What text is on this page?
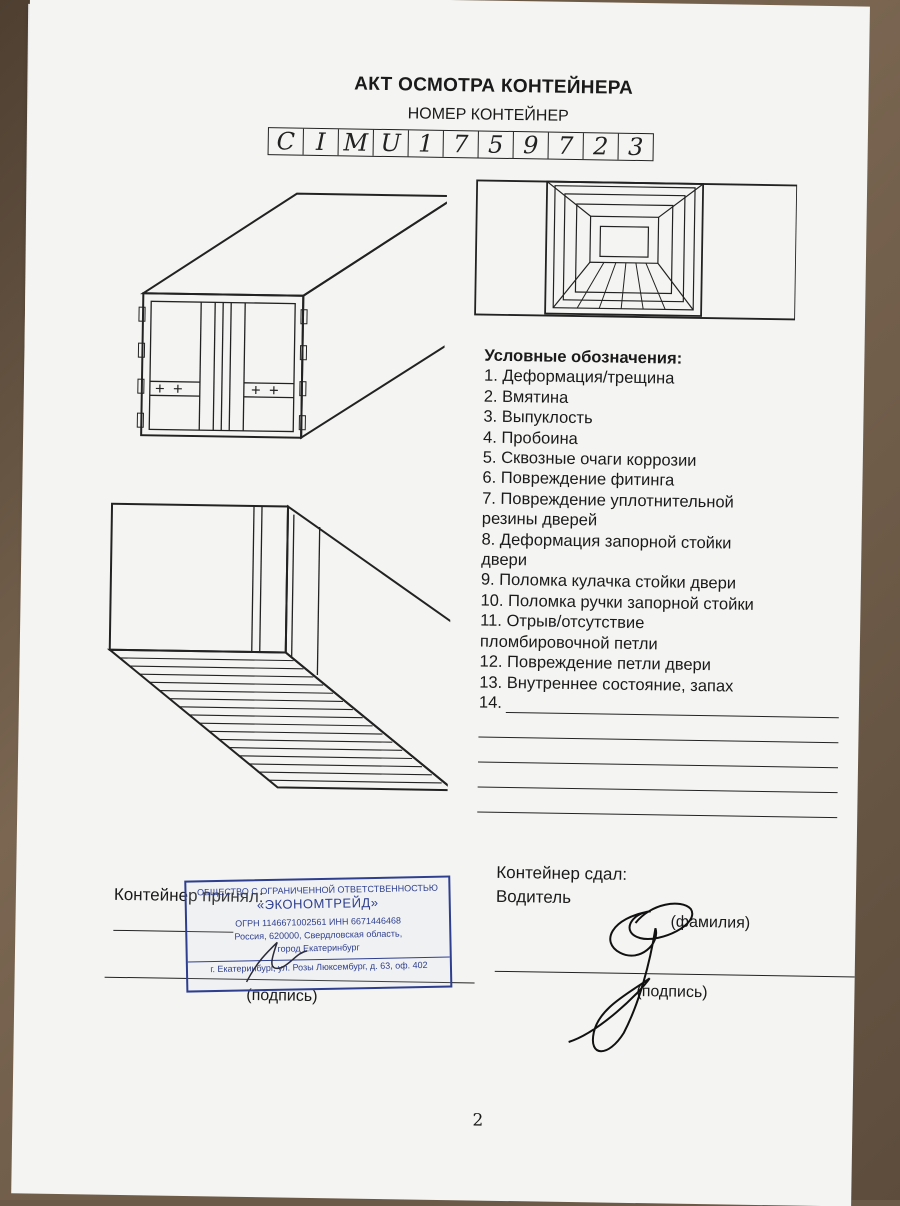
АКТ ОСМОТРА КОНТЕЙНЕРА
НОМЕР КОНТЕЙНЕР
C I M U 1 7 5 9 7 2 3
Условные обозначения:
1. Деформация/трещина
2. Вмятина
3. Выпуклость
4. Пробоина
5. Сквозные очаги коррозии
6. Повреждение фитинга
7. Повреждение уплотнительной
резины дверей
8. Деформация запорной стойки
двери
9. Поломка кулачка стойки двери
10. Поломка ручки запорной стойки
11. Отрыв/отсутствие
пломбировочной петли
12. Повреждение петли двери
13. Внутреннее состояние, запах
14.
Контейнер принял:
(подпись)
ОБЩЕСТВО С ОГРАНИЧЕННОЙ ОТВЕТСТВЕННОСТЬЮ
«ЭКОНОМТРЕЙД»
ОГРН 1146671002561 ИНН 6671446468
Россия, 620000, Свердловская область,
город Екатеринбург
г. Екатеринбург, ул. Розы Люксембург, д. 63, оф. 402
Контейнер сдал:
Водитель
(фамилия)
(подпись)
2
